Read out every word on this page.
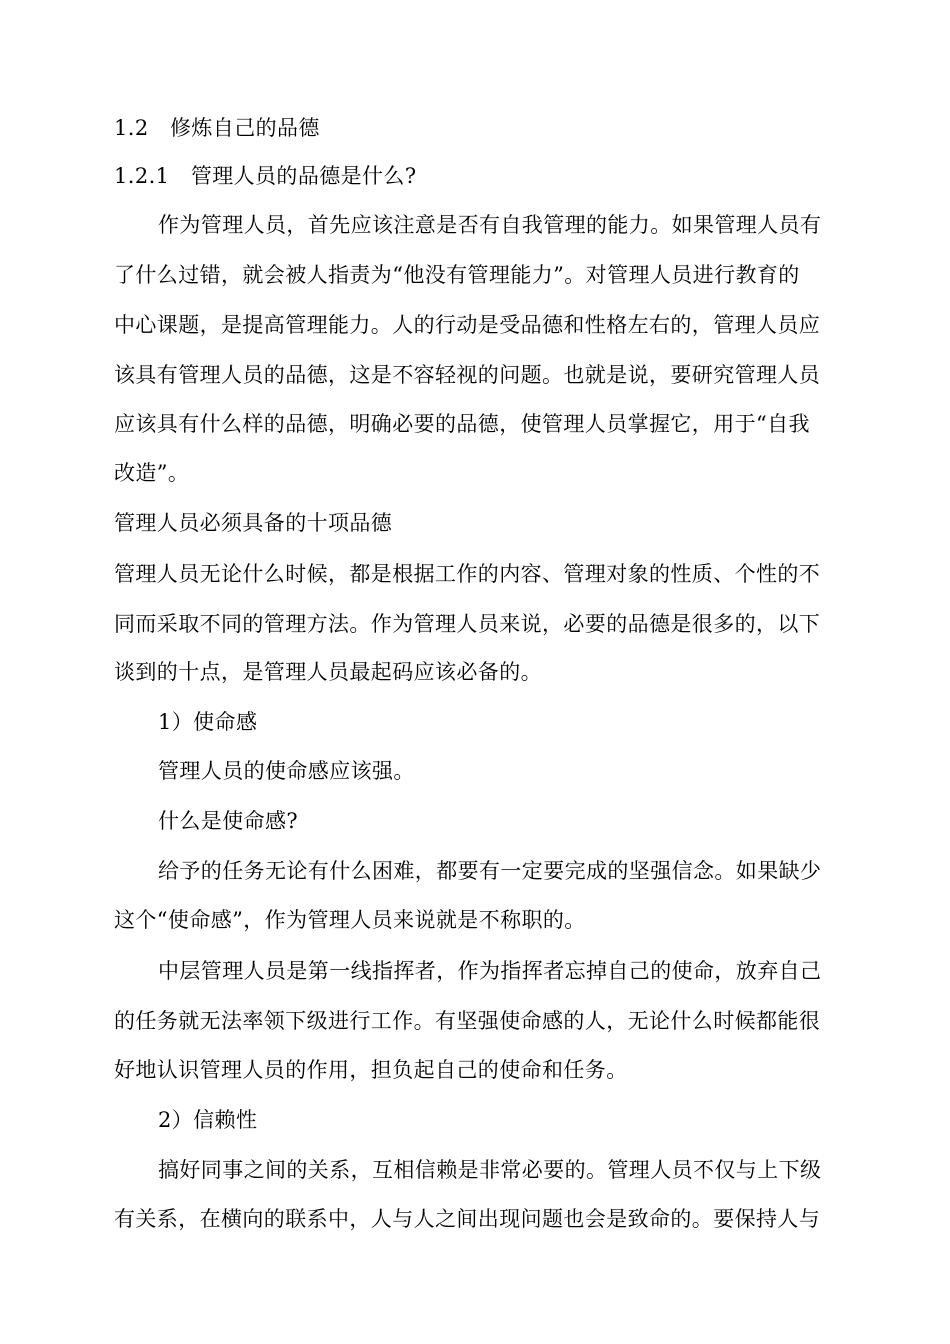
1.2　修炼自己的品德
1.2.1　管理人员的品德是什么?
作为管理人员，首先应该注意是否有自我管理的能力。如果管理人员有
了什么过错，就会被人指责为“他没有管理能力”。对管理人员进行教育的
中心课题，是提高管理能力。人的行动是受品德和性格左右的，管理人员应
该具有管理人员的品德，这是不容轻视的问题。也就是说，要研究管理人员
应该具有什么样的品德，明确必要的品德，使管理人员掌握它，用于“自我
改造”。
管理人员必须具备的十项品德
管理人员无论什么时候，都是根据工作的内容、管理对象的性质、个性的不
同而采取不同的管理方法。作为管理人员来说，必要的品德是很多的，以下
谈到的十点，是管理人员最起码应该必备的。
1）使命感
管理人员的使命感应该强。
什么是使命感?
给予的任务无论有什么困难，都要有一定要完成的坚强信念。如果缺少
这个“使命感”，作为管理人员来说就是不称职的。
中层管理人员是第一线指挥者，作为指挥者忘掉自己的使命，放弃自己
的任务就无法率领下级进行工作。有坚强使命感的人，无论什么时候都能很
好地认识管理人员的作用，担负起自己的使命和任务。
2）信赖性
搞好同事之间的关系，互相信赖是非常必要的。管理人员不仅与上下级
有关系，在横向的联系中，人与人之间出现问题也会是致命的。要保持人与
